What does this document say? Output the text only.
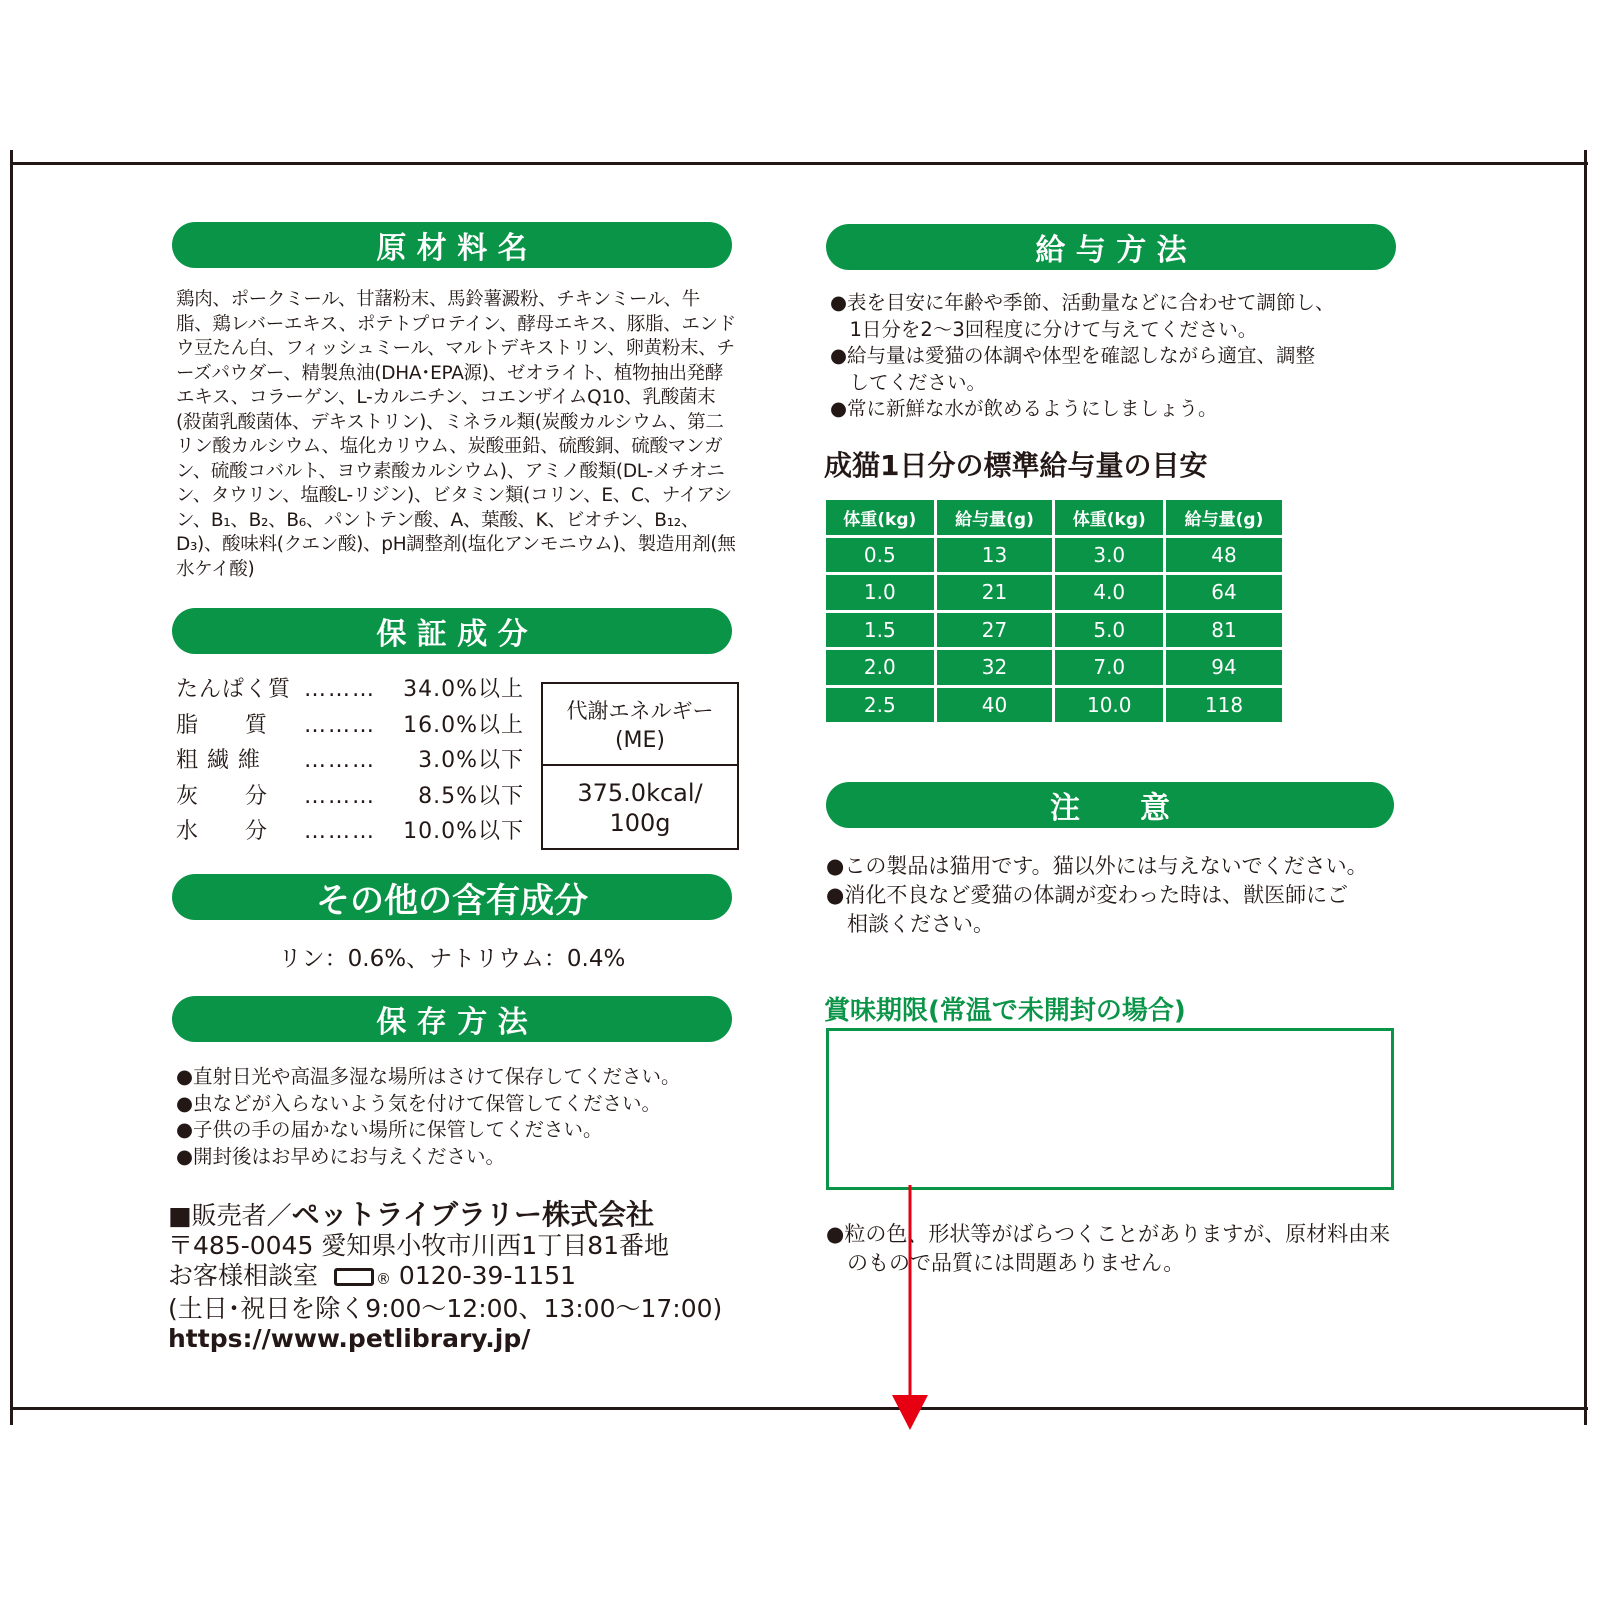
原 材 料 名
鶏肉、ポークミール、甘藷粉末、馬鈴薯澱粉、チキンミール、牛脂、鶏レバーエキス、ポテトプロテイン、酵母エキス、豚脂、エンドウ豆たん白、フィッシュミール、マルトデキストリン、卵黄粉末、チーズパウダー、精製魚油(DHA･EPA源)、ゼオライト、植物抽出発酵エキス、コラーゲン、L-カルニチン、コエンザイムQ10、乳酸菌末(殺菌乳酸菌体、デキストリン)、ミネラル類(炭酸カルシウム、第二リン酸カルシウム、塩化カリウム、炭酸亜鉛、硫酸銅、硫酸マンガン、硫酸コバルト、ヨウ素酸カルシウム)、アミノ酸類(DL-メチオニン、タウリン、塩酸L-リジン)、ビタミン類(コリン、E、C、ナイアシン、B₁、B₂、B₆、パントテン酸、A、葉酸、K、ビオチン、B₁₂、D₃)、酸味料(クエン酸)、pH調整剤(塩化アンモニウム)、製造用剤(無水ケイ酸)
保 証 成 分
たんぱく質 ………	34.0%以上
脂　　質	………	16.0%以上
粗 繊 維	………	3.0%以下
灰　　分	………	8.5%以下
水　　分	………	10.0%以下
代謝エネルギー
(ME)
375.0kcal/
100g
その他の含有成分
リン：0.6%、ナトリウム：0.4%
保 存 方 法
●直射日光や高温多湿な場所はさけて保存してください。
●虫などが入らないよう気を付けて保管してください。
●子供の手の届かない場所に保管してください。
●開封後はお早めにお与えください。
■販売者／ペットライブラリー株式会社
〒485-0045 愛知県小牧市川西1丁目81番地
お客様相談室	® 0120-39-1151
(土日･祝日を除く9:00～12:00、13:00～17:00)
https://www.petlibrary.jp/
給 与 方 法
●表を目安に年齢や季節、活動量などに合わせて調節し、
　1日分を2～3回程度に分けて与えてください。
●給与量は愛猫の体調や体型を確認しながら適宜、調整
　してください。
●常に新鮮な水が飲めるようにしましょう。
成猫1日分の標準給与量の目安
体重(kg)	給与量(g)	体重(kg)	給与量(g)
0.5	13	3.0	48
1.0	21	4.0	64
1.5	27	5.0	81
2.0	32	7.0	94
2.5	40	10.0	118
注　　意
●この製品は猫用です。猫以外には与えないでください。
●消化不良など愛猫の体調が変わった時は、獣医師にご
　相談ください。
賞味期限(常温で未開封の場合)
●粒の色、形状等がばらつくことがありますが、原材料由来
　のもので品質には問題ありません。
